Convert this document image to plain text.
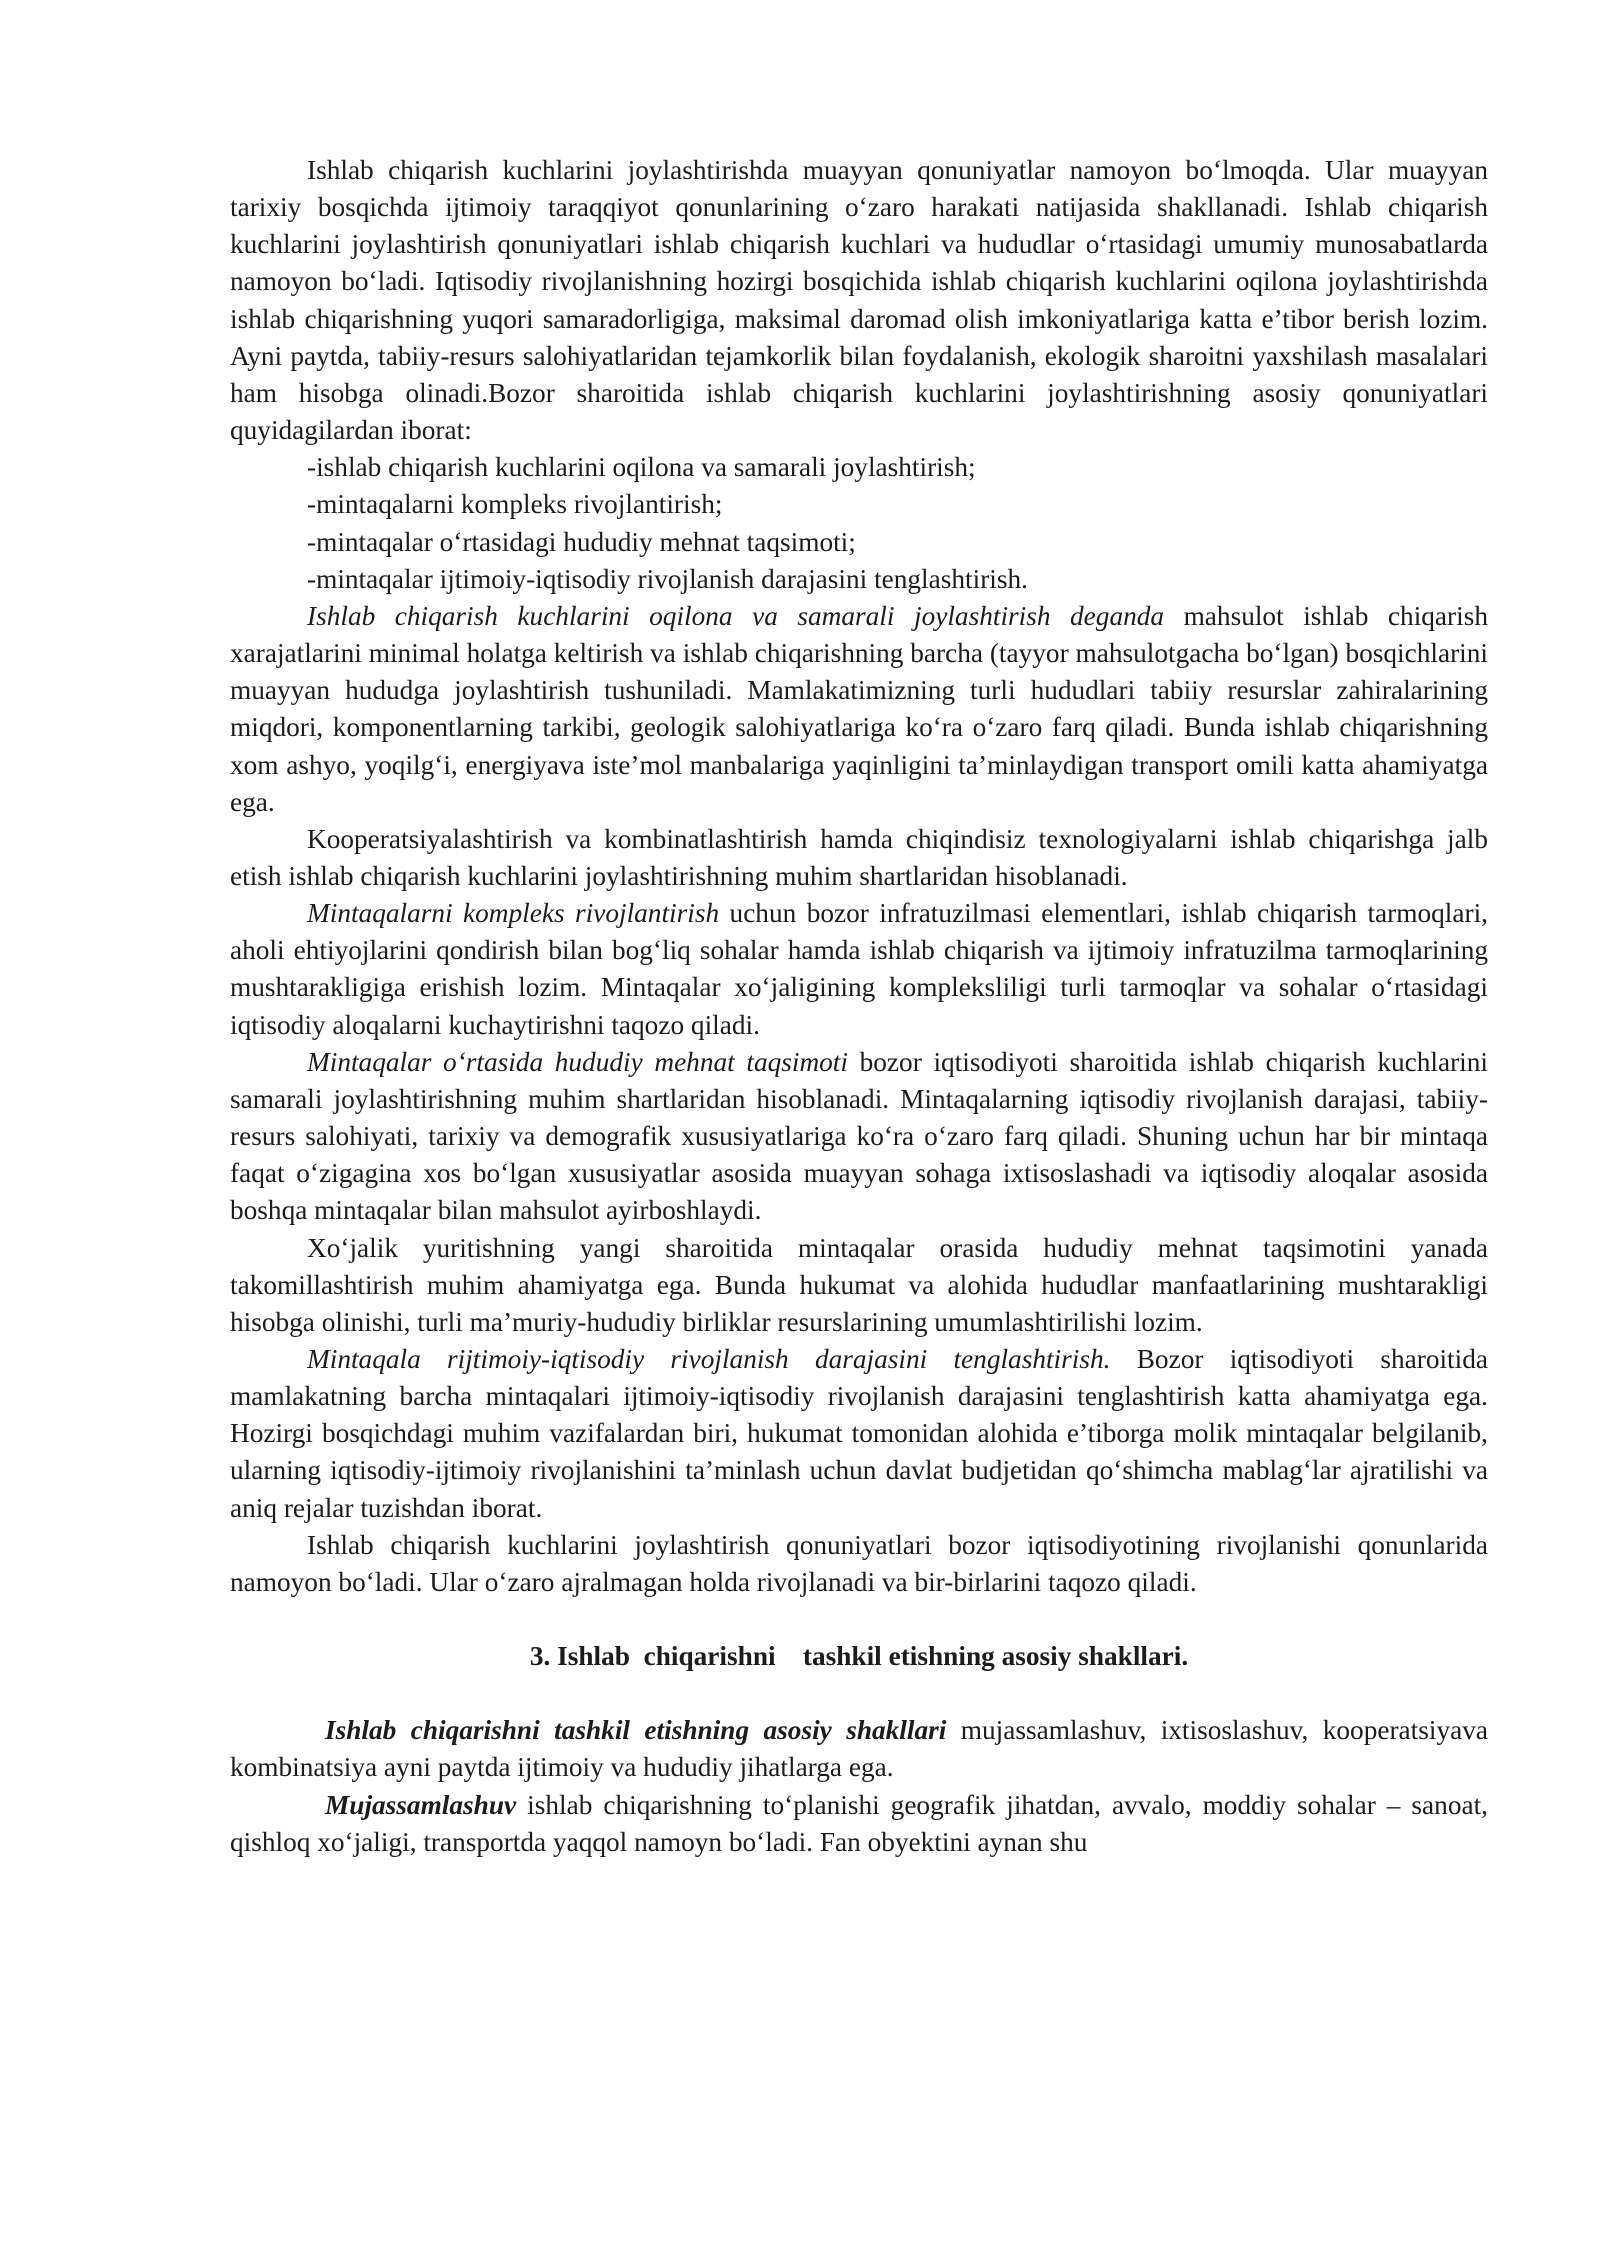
Ishlab chiqarish kuchlarini joylashtirishda muayyan qonuniyatlar namoyon bo‘lmoqda. Ular muayyan tarixiy bosqichda ijtimoiy taraqqiyot qonunlarining o‘zaro harakati natijasida shakllanadi. Ishlab chiqarish kuchlarini joylashtirish qonuniyatlari ishlab chiqarish kuchlari va hududlar o‘rtasidagi umumiy munosabatlarda namoyon bo‘ladi. Iqtisodiy rivojlanishning hozirgi bosqichida ishlab chiqarish kuchlarini oqilona joylashtirishda ishlab chiqarishning yuqori samaradorligiga, maksimal daromad olish imkoniyatlariga katta e’tibor berish lozim. Ayni paytda, tabiiy-resurs salohiyatlaridan tejamkorlik bilan foydalanish, ekologik sharoitni yaxshilash masalalari ham hisobga olinadi.Bozor sharoitida ishlab chiqarish kuchlarini joylashtirishning asosiy qonuniyatlari quyidagilardan iborat:

-ishlab chiqarish kuchlarini oqilona va samarali joylashtirish;

-mintaqalarni kompleks rivojlantirish;

-mintaqalar o‘rtasidagi hududiy mehnat taqsimoti;

-mintaqalar ijtimoiy-iqtisodiy rivojlanish darajasini tenglashtirish.

Ishlab chiqarish kuchlarini oqilona va samarali joylashtirish deganda mahsulot ishlab chiqarish xarajatlarini minimal holatga keltirish va ishlab chiqarishning barcha (tayyor mahsulotgacha bo‘lgan) bosqichlarini muayyan hududga joylashtirish tushuniladi. Mamlakatimizning turli hududlari tabiiy resurslar zahiralarining miqdori, komponentlarning tarkibi, geologik salohiyatlariga ko‘ra o‘zaro farq qiladi. Bunda ishlab chiqarishning xom ashyo, yoqilg‘i, energiyava iste’mol manbalariga yaqinligini ta’minlaydigan transport omili katta ahamiyatga ega.

Kooperatsiyalashtirish va kombinatlashtirish hamda chiqindisiz texnologiyalarni ishlab chiqarishga jalb etish ishlab chiqarish kuchlarini joylashtirishning muhim shartlaridan hisoblanadi.

Mintaqalarni kompleks rivojlantirish uchun bozor infratuzilmasi elementlari, ishlab chiqarish tarmoqlari, aholi ehtiyojlarini qondirish bilan bog‘liq sohalar hamda ishlab chiqarish va ijtimoiy infratuzilma tarmoqlarining mushtarakligiga erishish lozim. Mintaqalar xo‘jaligining kompleksliligi turli tarmoqlar va sohalar o‘rtasidagi iqtisodiy aloqalarni kuchaytirishni taqozo qiladi.

Mintaqalar o‘rtasida hududiy mehnat taqsimoti bozor iqtisodiyoti sharoitida ishlab chiqarish kuchlarini samarali joylashtirishning muhim shartlaridan hisoblanadi. Mintaqalarning iqtisodiy rivojlanish darajasi, tabiiy-resurs salohiyati, tarixiy va demografik xususiyatlariga ko‘ra o‘zaro farq qiladi. Shuning uchun har bir mintaqa faqat o‘zigagina xos bo‘lgan xususiyatlar asosida muayyan sohaga ixtisoslashadi va iqtisodiy aloqalar asosida boshqa mintaqalar bilan mahsulot ayirboshlaydi.

Xo‘jalik yuritishning yangi sharoitida mintaqalar orasida hududiy mehnat taqsimotini yanada takomillashtirish muhim ahamiyatga ega. Bunda hukumat va alohida hududlar manfaatlarining mushtarakligi hisobga olinishi, turli ma’muriy-hududiy birliklar resurslarining umumlashtirilishi lozim.

Mintaqala rijtimoiy-iqtisodiy rivojlanish darajasini tenglashtirish. Bozor iqtisodiyoti sharoitida mamlakatning barcha mintaqalari ijtimoiy-iqtisodiy rivojlanish darajasini tenglashtirish katta ahamiyatga ega. Hozirgi bosqichdagi muhim vazifalardan biri, hukumat tomonidan alohida e’tiborga molik mintaqalar belgilanib, ularning iqtisodiy-ijtimoiy rivojlanishini ta’minlash uchun davlat budjetidan qo‘shimcha mablag‘lar ajratilishi va aniq rejalar tuzishdan iborat.

Ishlab chiqarish kuchlarini joylashtirish qonuniyatlari bozor iqtisodiyotining rivojlanishi qonunlarida namoyon bo‘ladi. Ular o‘zaro ajralmagan holda rivojlanadi va bir-birlarini taqozo qiladi.

3. Ishlab  chiqarishni    tashkil etishning asosiy shakllari.

Ishlab chiqarishni tashkil etishning asosiy shakllari mujassamlashuv, ixtisoslashuv, kooperatsiyava kombinatsiya ayni paytda ijtimoiy va hududiy jihatlarga ega.

Mujassamlashuv ishlab chiqarishning to‘planishi geografik jihatdan, avvalo, moddiy sohalar – sanoat, qishloq xo‘jaligi, transportda yaqqol namoyn bo‘ladi. Fan obyektini aynan shu
